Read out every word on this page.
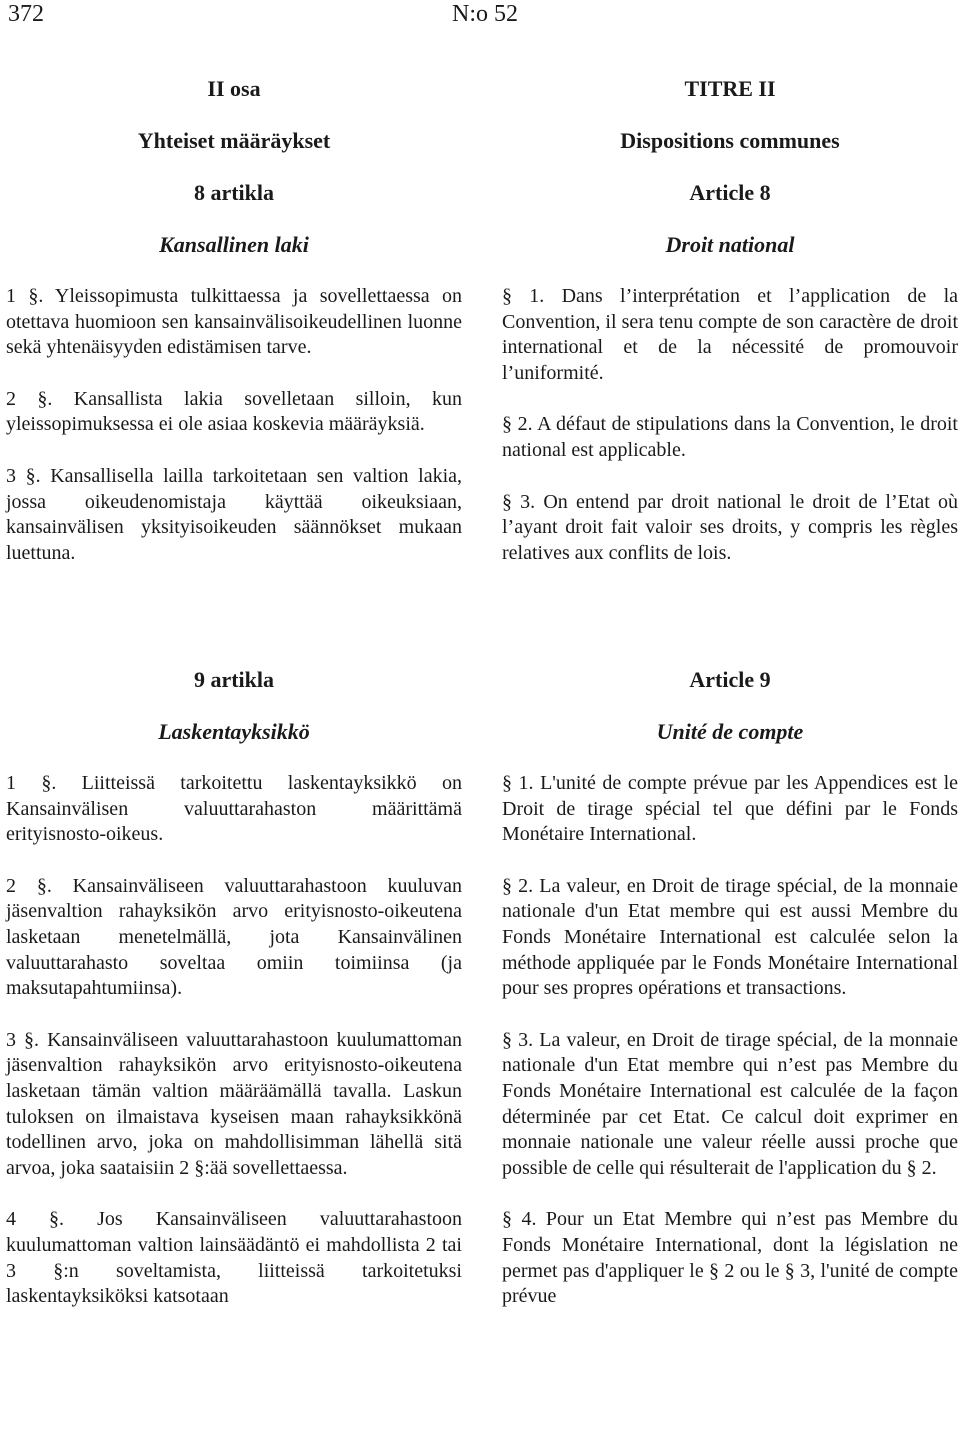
372	N:o 52
II osa
Yhteiset määräykset
8 artikla
Kansallinen laki

1 §. Yleissopimusta tulkittaessa ja sovellettaessa on otettava huomioon sen kansainvälisoikeudellinen luonne sekä yhtenäisyyden edistämisen tarve.

2 §. Kansallista lakia sovelletaan silloin, kun yleissopimuksessa ei ole asiaa koskevia määräyksiä.

3 §. Kansallisella lailla tarkoitetaan sen valtion lakia, jossa oikeudenomistaja käyttää oikeuksiaan, kansainvälisen yksityisoikeuden säännökset mukaan luettuna.

TITRE II
Dispositions communes
Article 8
Droit national

§ 1. Dans l’interprétation et l’application de la Convention, il sera tenu compte de son caractère de droit international et de la nécessité de promouvoir l’uniformité.

§ 2. A défaut de stipulations dans la Convention, le droit national est applicable.

§ 3. On entend par droit national le droit de l’Etat où l’ayant droit fait valoir ses droits, y compris les règles relatives aux conflits de lois.

9 artikla
Laskentayksikkö

1 §. Liitteissä tarkoitettu laskentayksikkö on Kansainvälisen valuuttarahaston määrittämä erityisnosto-oikeus.

2 §. Kansainväliseen valuuttarahastoon kuuluvan jäsenvaltion rahayksikön arvo erityisnosto-oikeutena lasketaan menetelmällä, jota Kansainvälinen valuuttarahasto soveltaa omiin toimiinsa (ja maksutapahtumiinsa).

3 §. Kansainväliseen valuuttarahastoon kuulumattoman jäsenvaltion rahayksikön arvo erityisnosto-oikeutena lasketaan tämän valtion määräämällä tavalla. Laskun tuloksen on ilmaistava kyseisen maan rahayksikkönä todellinen arvo, joka on mahdollisimman lähellä sitä arvoa, joka saataisiin 2 §:ää sovellettaessa.

4 §. Jos Kansainväliseen valuuttarahastoon kuulumattoman valtion lainsäädäntö ei mahdollista 2 tai 3 §:n soveltamista, liitteissä tarkoitetuksi laskentayksiköksi katsotaan

Article 9
Unité de compte

§ 1. L'unité de compte prévue par les Appendices est le Droit de tirage spécial tel que défini par le Fonds Monétaire International.

§ 2. La valeur, en Droit de tirage spécial, de la monnaie nationale d'un Etat membre qui est aussi Membre du Fonds Monétaire International est calculée selon la méthode appliquée par le Fonds Monétaire International pour ses propres opérations et transactions.

§ 3. La valeur, en Droit de tirage spécial, de la monnaie nationale d'un Etat membre qui n’est pas Membre du Fonds Monétaire International est calculée de la façon déterminée par cet Etat. Ce calcul doit exprimer en monnaie nationale une valeur réelle aussi proche que possible de celle qui résulterait de l'application du § 2.

§ 4. Pour un Etat Membre qui n’est pas Membre du Fonds Monétaire International, dont la législation ne permet pas d'appliquer le § 2 ou le § 3, l'unité de compte prévue
